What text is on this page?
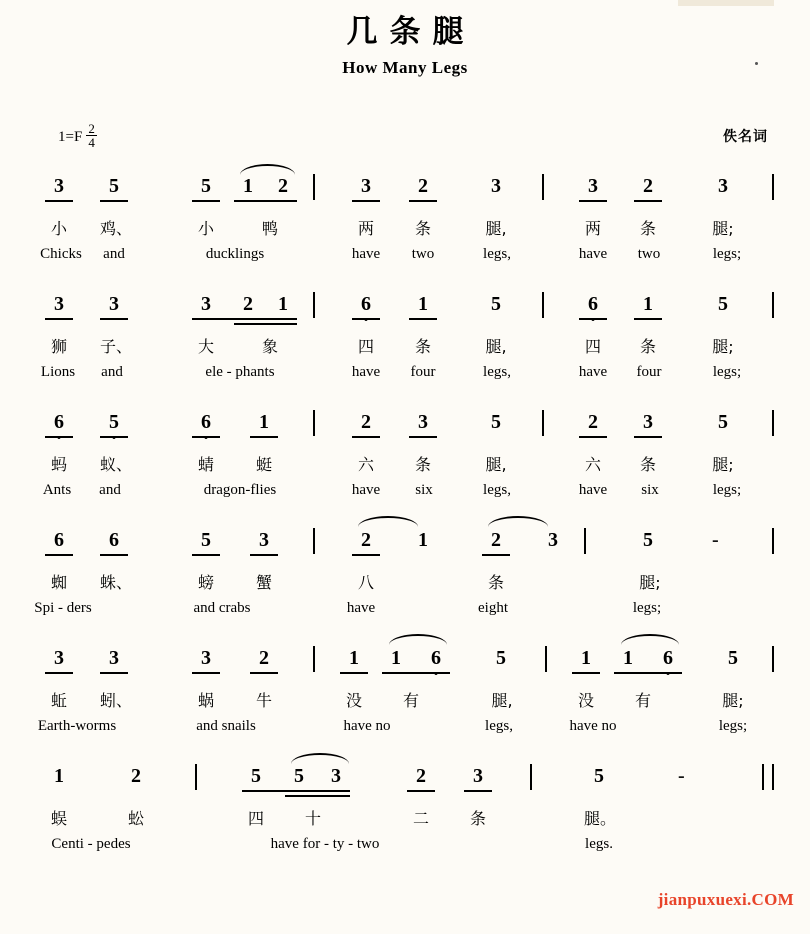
几条腿
How Many Legs
$1=F \frac{2}{4}$	佚名词
3	5	5	1	2	3	2	3	3	2	3
小	鸡、	小	鸭	两	条	腿,	两	条	腿;
Chicks	and	ducklings	have	two	legs,	have	two	legs;
3	3	3	2	1	6	1	5	6	1	5
狮	子、	大	象	四	条	腿,	四	条	腿;
Lions	and	ele - phants	have	four	legs,	have	four	legs;
6	5	6	1	2	3	5	2	3	5
蚂	蚁、	蜻	蜓	六	条	腿,	六	条	腿;
Ants	and	dragon-flies	have	six	legs,	have	six	legs;
6	6	5	3	2	1	2	3	5	-
蜘	蛛、	螃	蟹	八	条	腿;
Spi - ders	and crabs	have	eight	legs;
3	3	3	2	1	1	6	5	1	1	6	5
蚯	蚓、	蜗	牛	没	有	腿,	没	有	腿;
Earth-worms	and snails	have no	legs,	have no	legs;
1	2	5	5	3	2	3	5	-
蜈	蚣	四	十	二	条	腿。
Centi - pedes	have for - ty - two	legs.
jianpuxuexi.COM
